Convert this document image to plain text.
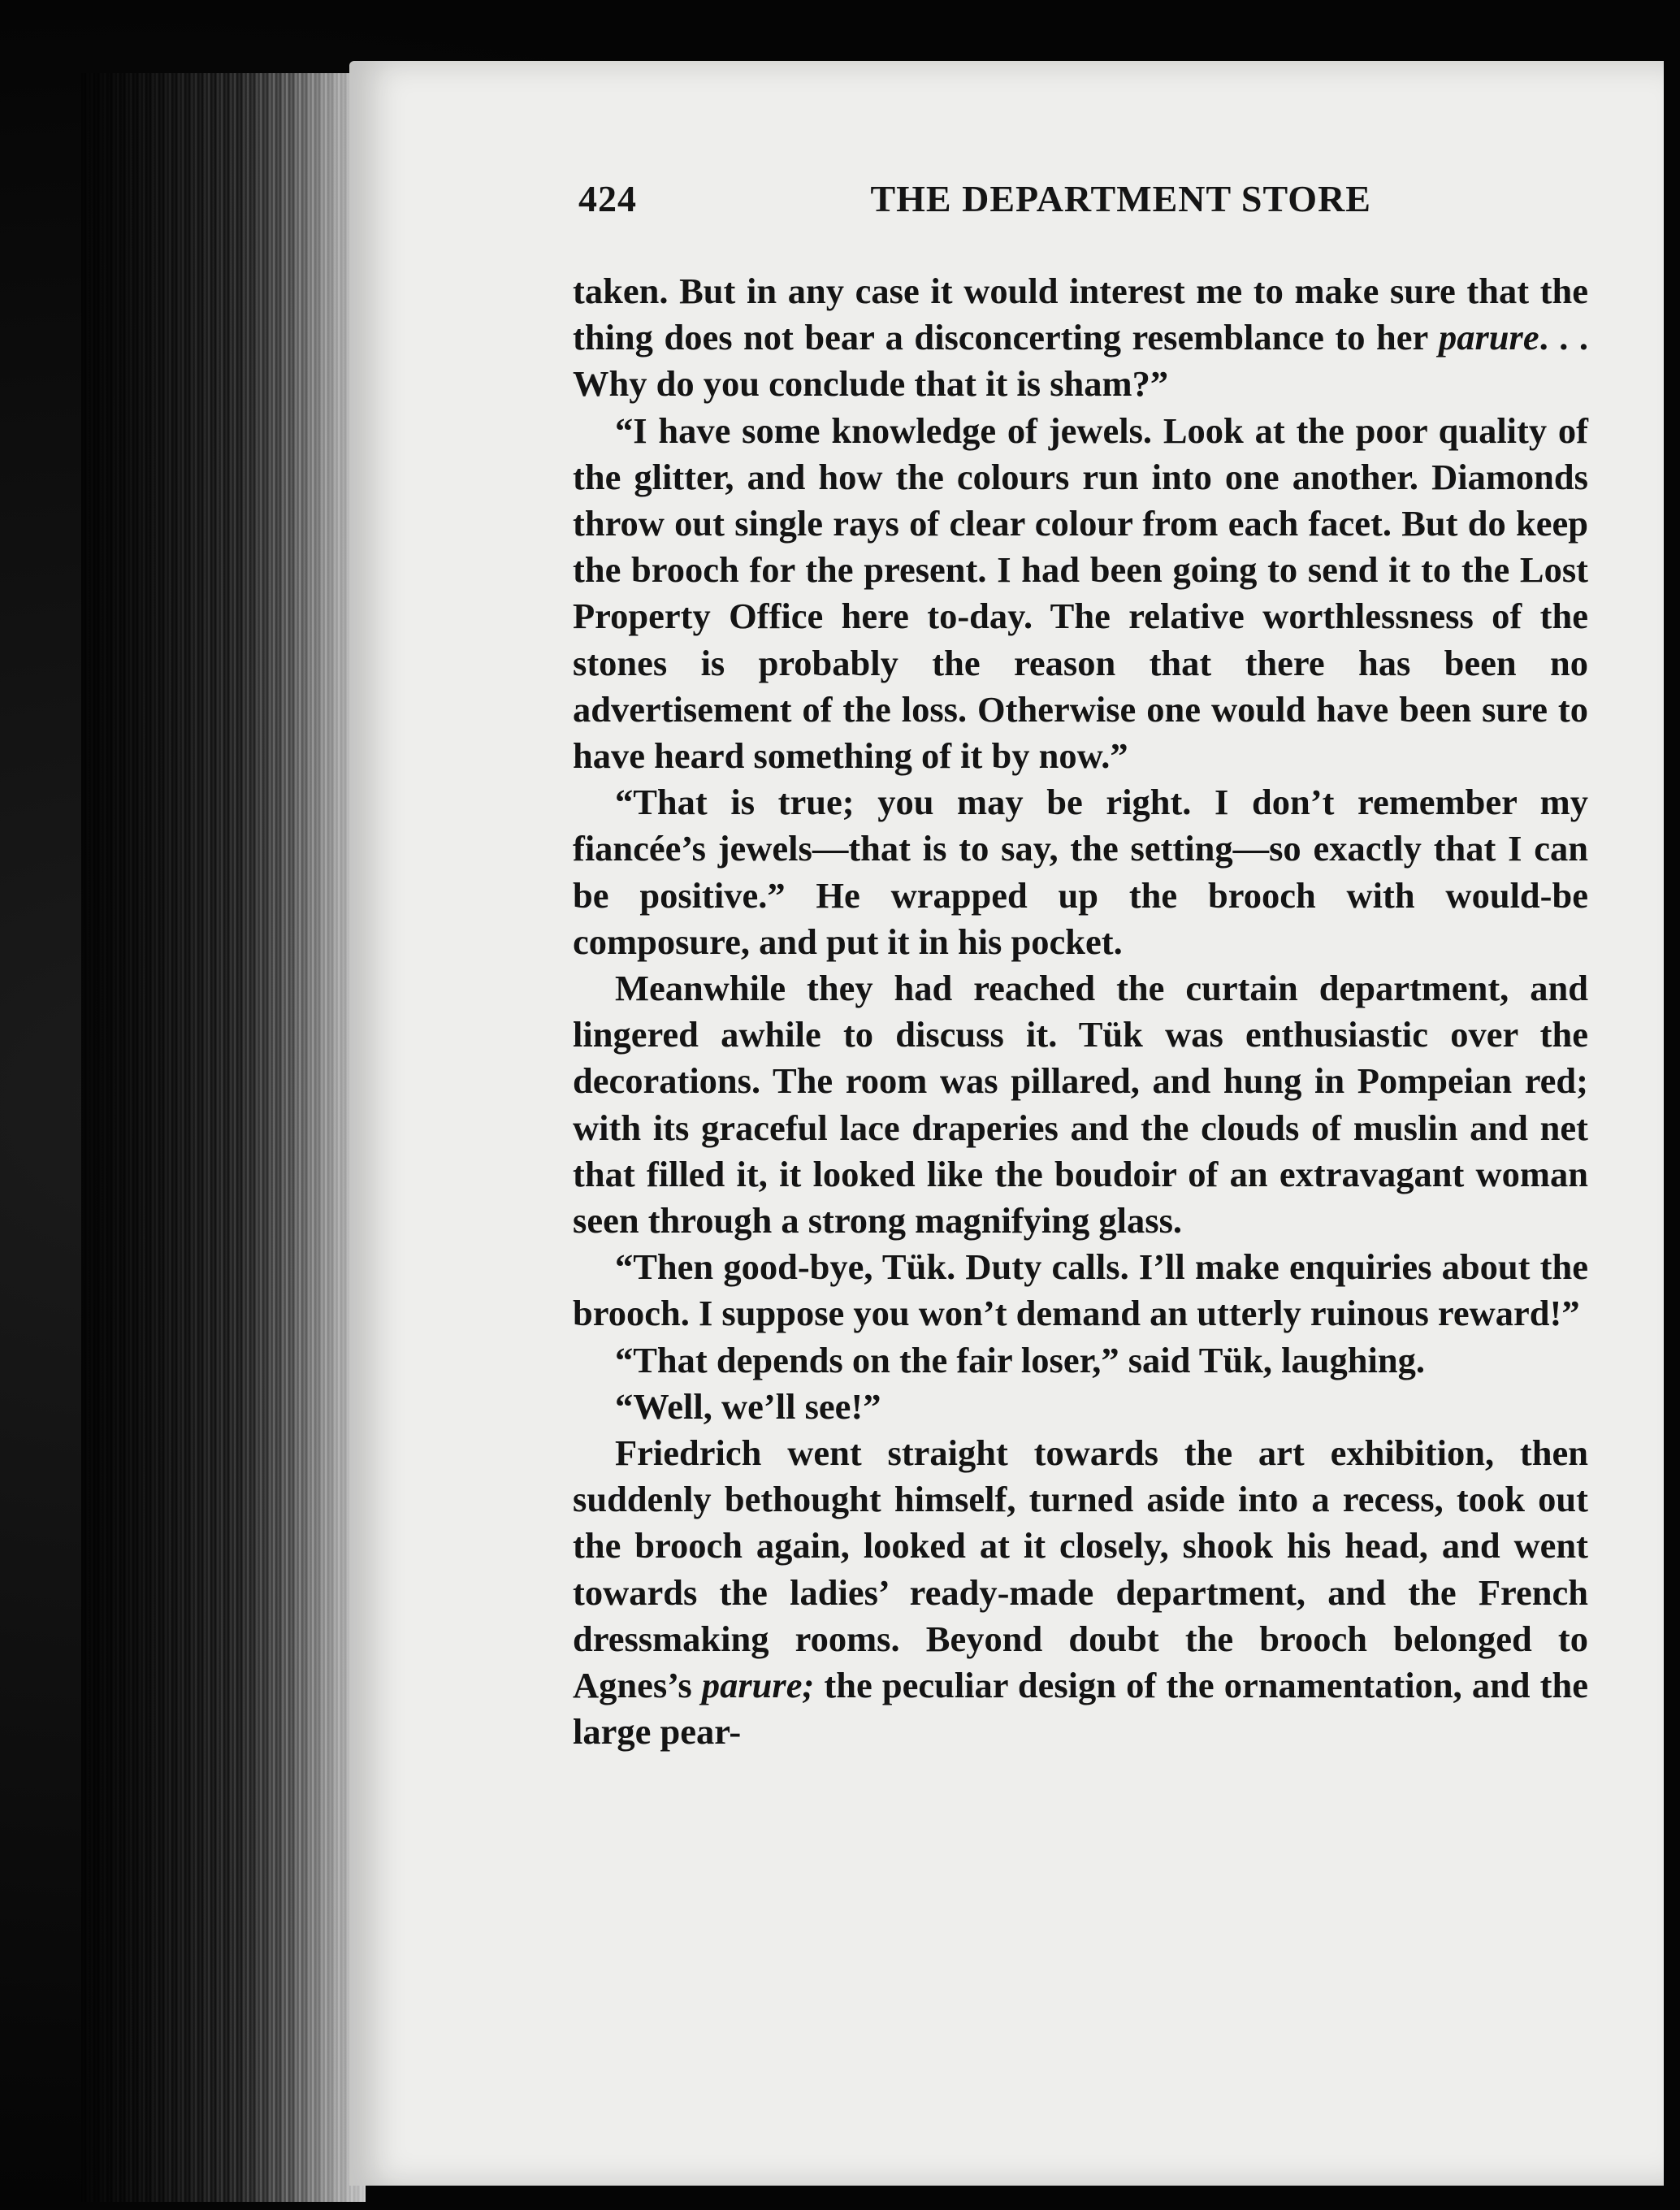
424	THE DEPARTMENT STORE

taken. But in any case it would interest me to make sure that the thing does not bear a disconcerting resemblance to her parure. . . Why do you conclude that it is sham?”

“I have some knowledge of jewels. Look at the poor quality of the glitter, and how the colours run into one another. Diamonds throw out single rays of clear colour from each facet. But do keep the brooch for the present. I had been going to send it to the Lost Property Office here to-day. The relative worthlessness of the stones is probably the reason that there has been no advertisement of the loss. Otherwise one would have been sure to have heard something of it by now.”

“That is true; you may be right. I don’t remember my fiancée’s jewels—that is to say, the setting—so exactly that I can be positive.” He wrapped up the brooch with would-be composure, and put it in his pocket.

Meanwhile they had reached the curtain department, and lingered awhile to discuss it. Tük was enthusiastic over the decorations. The room was pillared, and hung in Pompeian red; with its graceful lace draperies and the clouds of muslin and net that filled it, it looked like the boudoir of an extravagant woman seen through a strong magnifying glass.

“Then good-bye, Tük. Duty calls. I’ll make enquiries about the brooch. I suppose you won’t demand an utterly ruinous reward!”

“That depends on the fair loser,” said Tük, laughing.

“Well, we’ll see!”

Friedrich went straight towards the art exhibition, then suddenly bethought himself, turned aside into a recess, took out the brooch again, looked at it closely, shook his head, and went towards the ladies’ ready-made department, and the French dressmaking rooms. Beyond doubt the brooch belonged to Agnes’s parure; the peculiar design of the ornamentation, and the large pear-
